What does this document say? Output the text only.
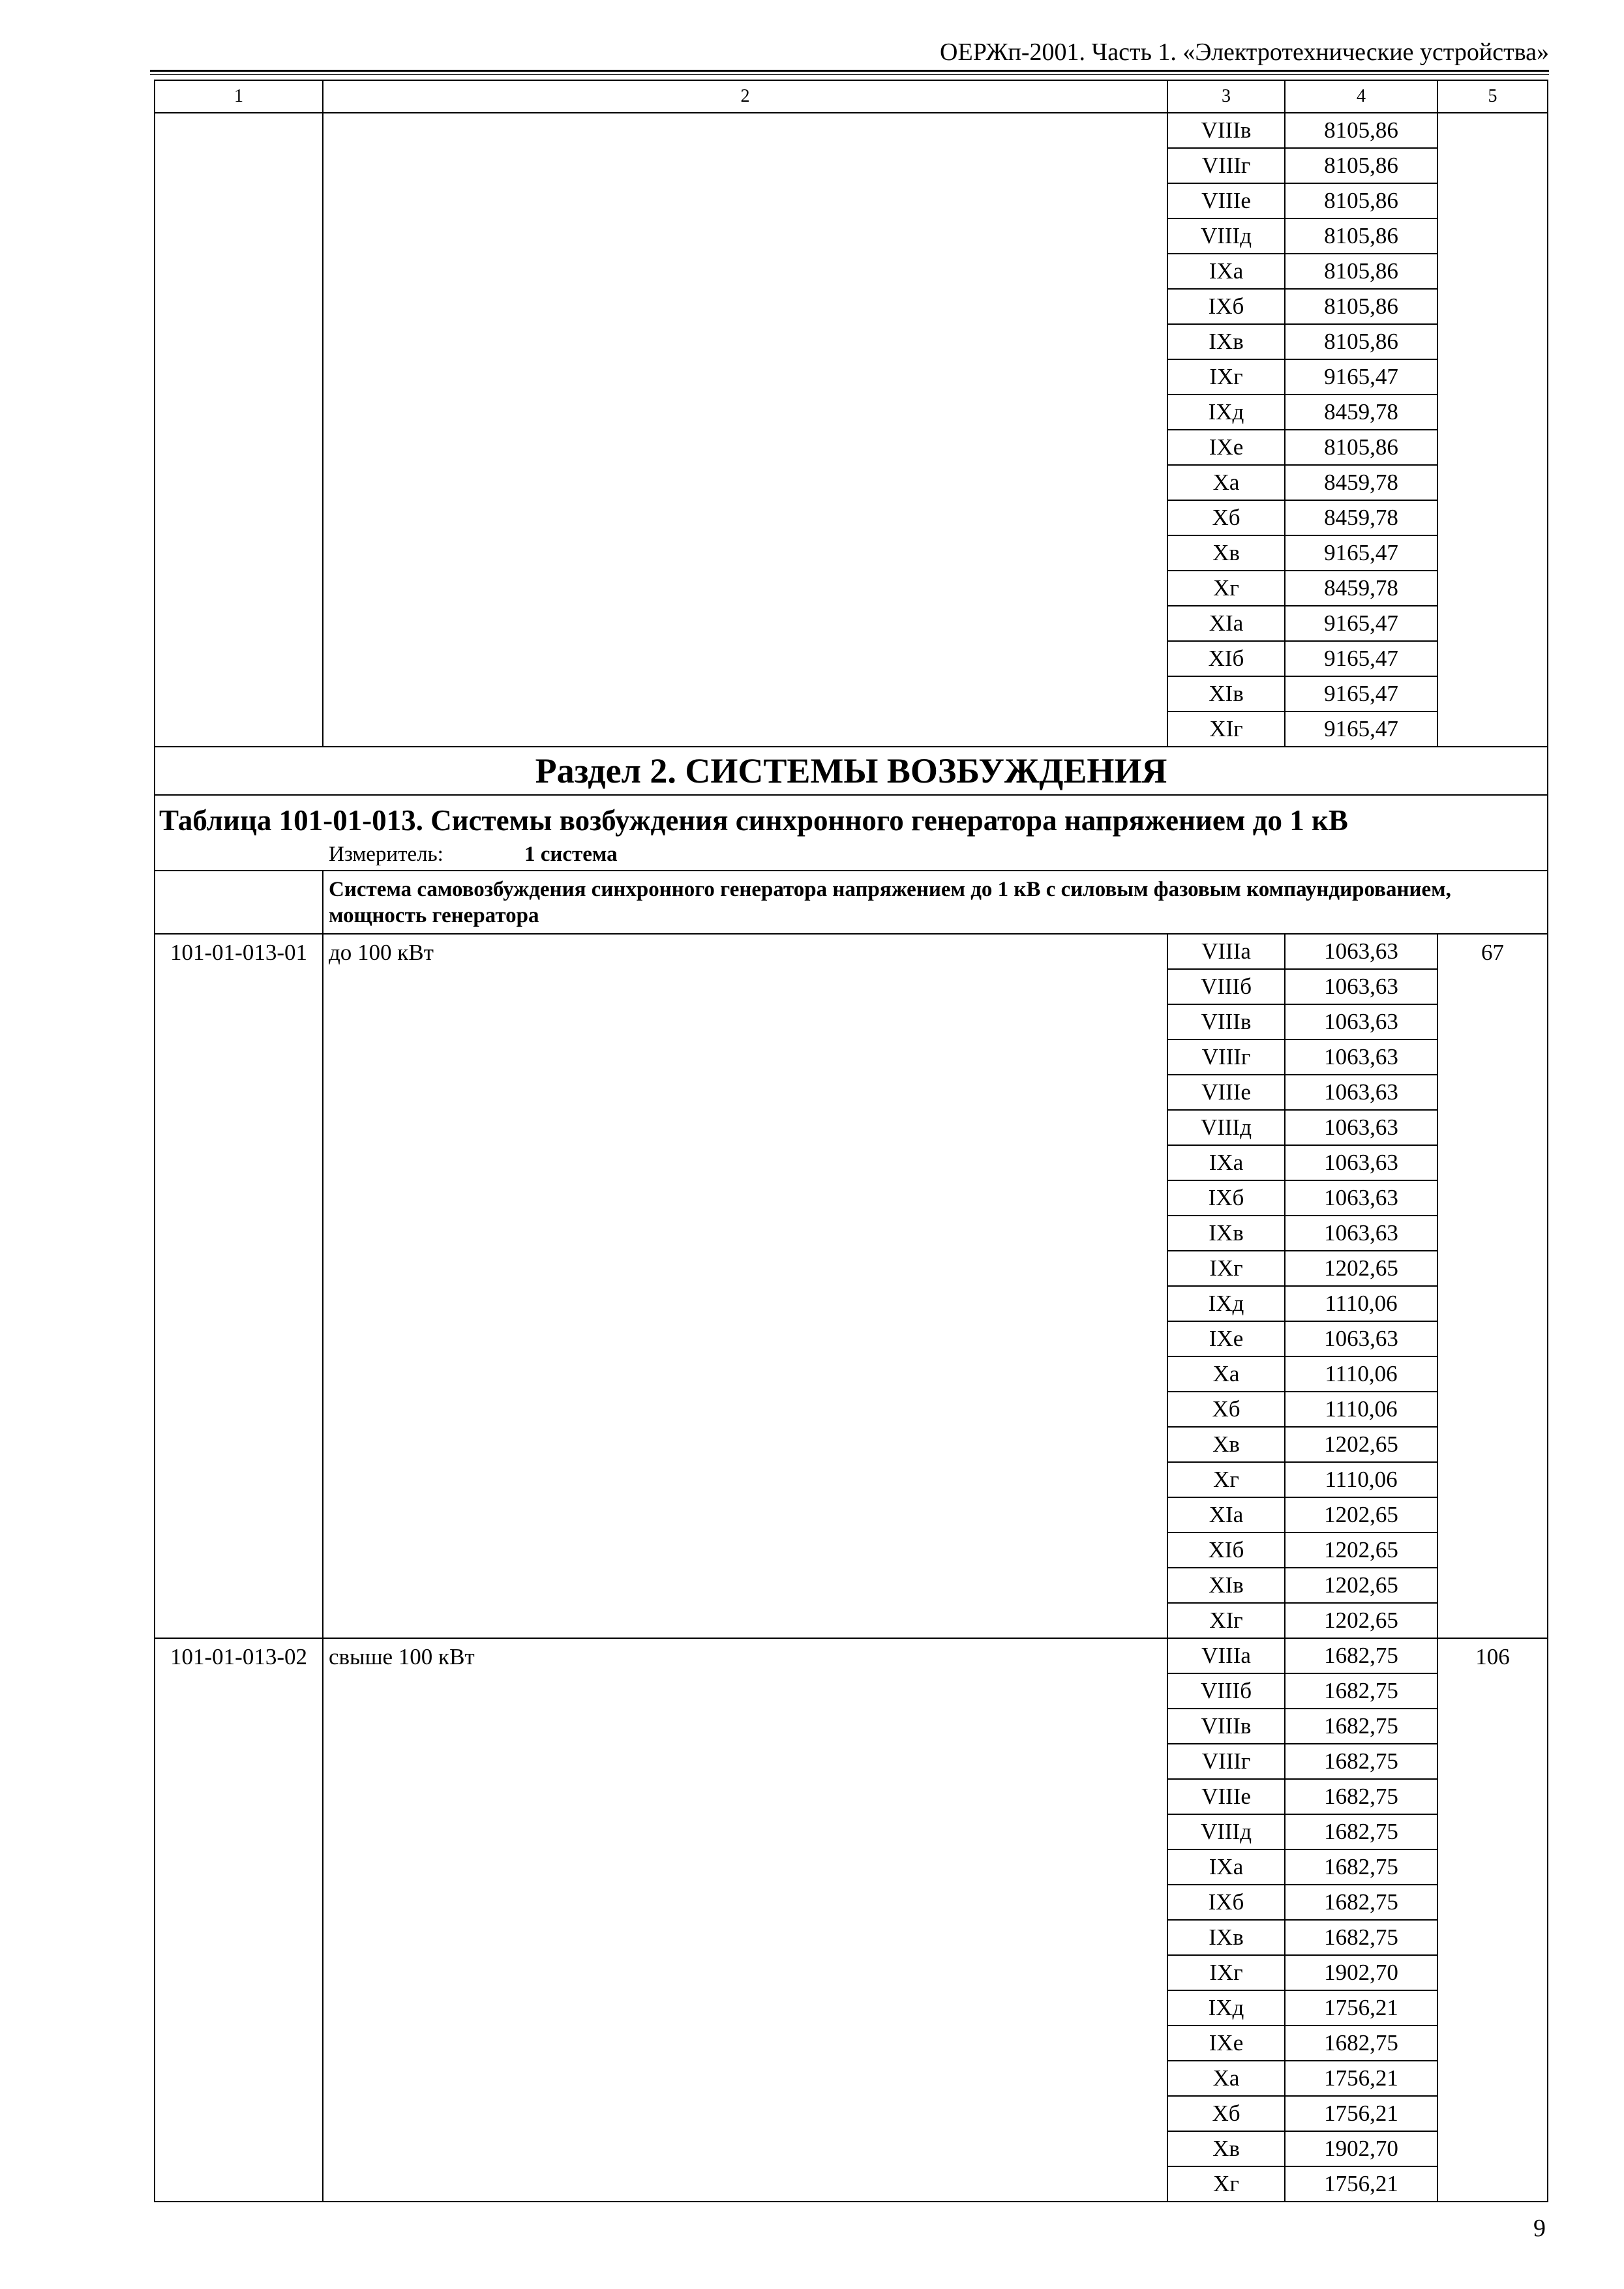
ОЕРЖп-2001. Часть 1. «Электротехнические устройства»
1	2	3	4	5
		VIIIв	8105,86	
		VIIIг	8105,86	
		VIIIе	8105,86	
		VIIIд	8105,86	
		IXа	8105,86	
		IXб	8105,86	
		IXв	8105,86	
		IXг	9165,47	
		IXд	8459,78	
		IXе	8105,86	
		Xа	8459,78	
		Xб	8459,78	
		Xв	9165,47	
		Xг	8459,78	
		XIа	9165,47	
		XIб	9165,47	
		XIв	9165,47	
		XIг	9165,47	
Раздел 2. СИСТЕМЫ ВОЗБУЖДЕНИЯ				

Таблица 101-01-013. Системы возбуждения синхронного генератора напряжением до 1 кВ
Измеритель: 1 система				

	Система самовозбуждения синхронного генератора напряжением до 1 кВ с силовым фазовым компаундированием, мощность генератора			

101-01-013-01	до 100 кВт	VIIIа	1063,63	67
		VIIIб	1063,63	
		VIIIв	1063,63	
		VIIIг	1063,63	
		VIIIе	1063,63	
		VIIIд	1063,63	
		IXа	1063,63	
		IXб	1063,63	
		IXв	1063,63	
		IXг	1202,65	
		IXд	1110,06	
		IXе	1063,63	
		Xа	1110,06	
		Xб	1110,06	
		Xв	1202,65	
		Xг	1110,06	
		XIа	1202,65	
		XIб	1202,65	
		XIв	1202,65	
		XIг	1202,65	
101-01-013-02	свыше 100 кВт	VIIIа	1682,75	106
		VIIIб	1682,75	
		VIIIв	1682,75	
		VIIIг	1682,75	
		VIIIе	1682,75	
		VIIIд	1682,75	
		IXа	1682,75	
		IXб	1682,75	
		IXв	1682,75	
		IXг	1902,70	
		IXд	1756,21	
		IXе	1682,75	
		Xа	1756,21	
		Xб	1756,21	
		Xв	1902,70	
		Xг	1756,21	
9
